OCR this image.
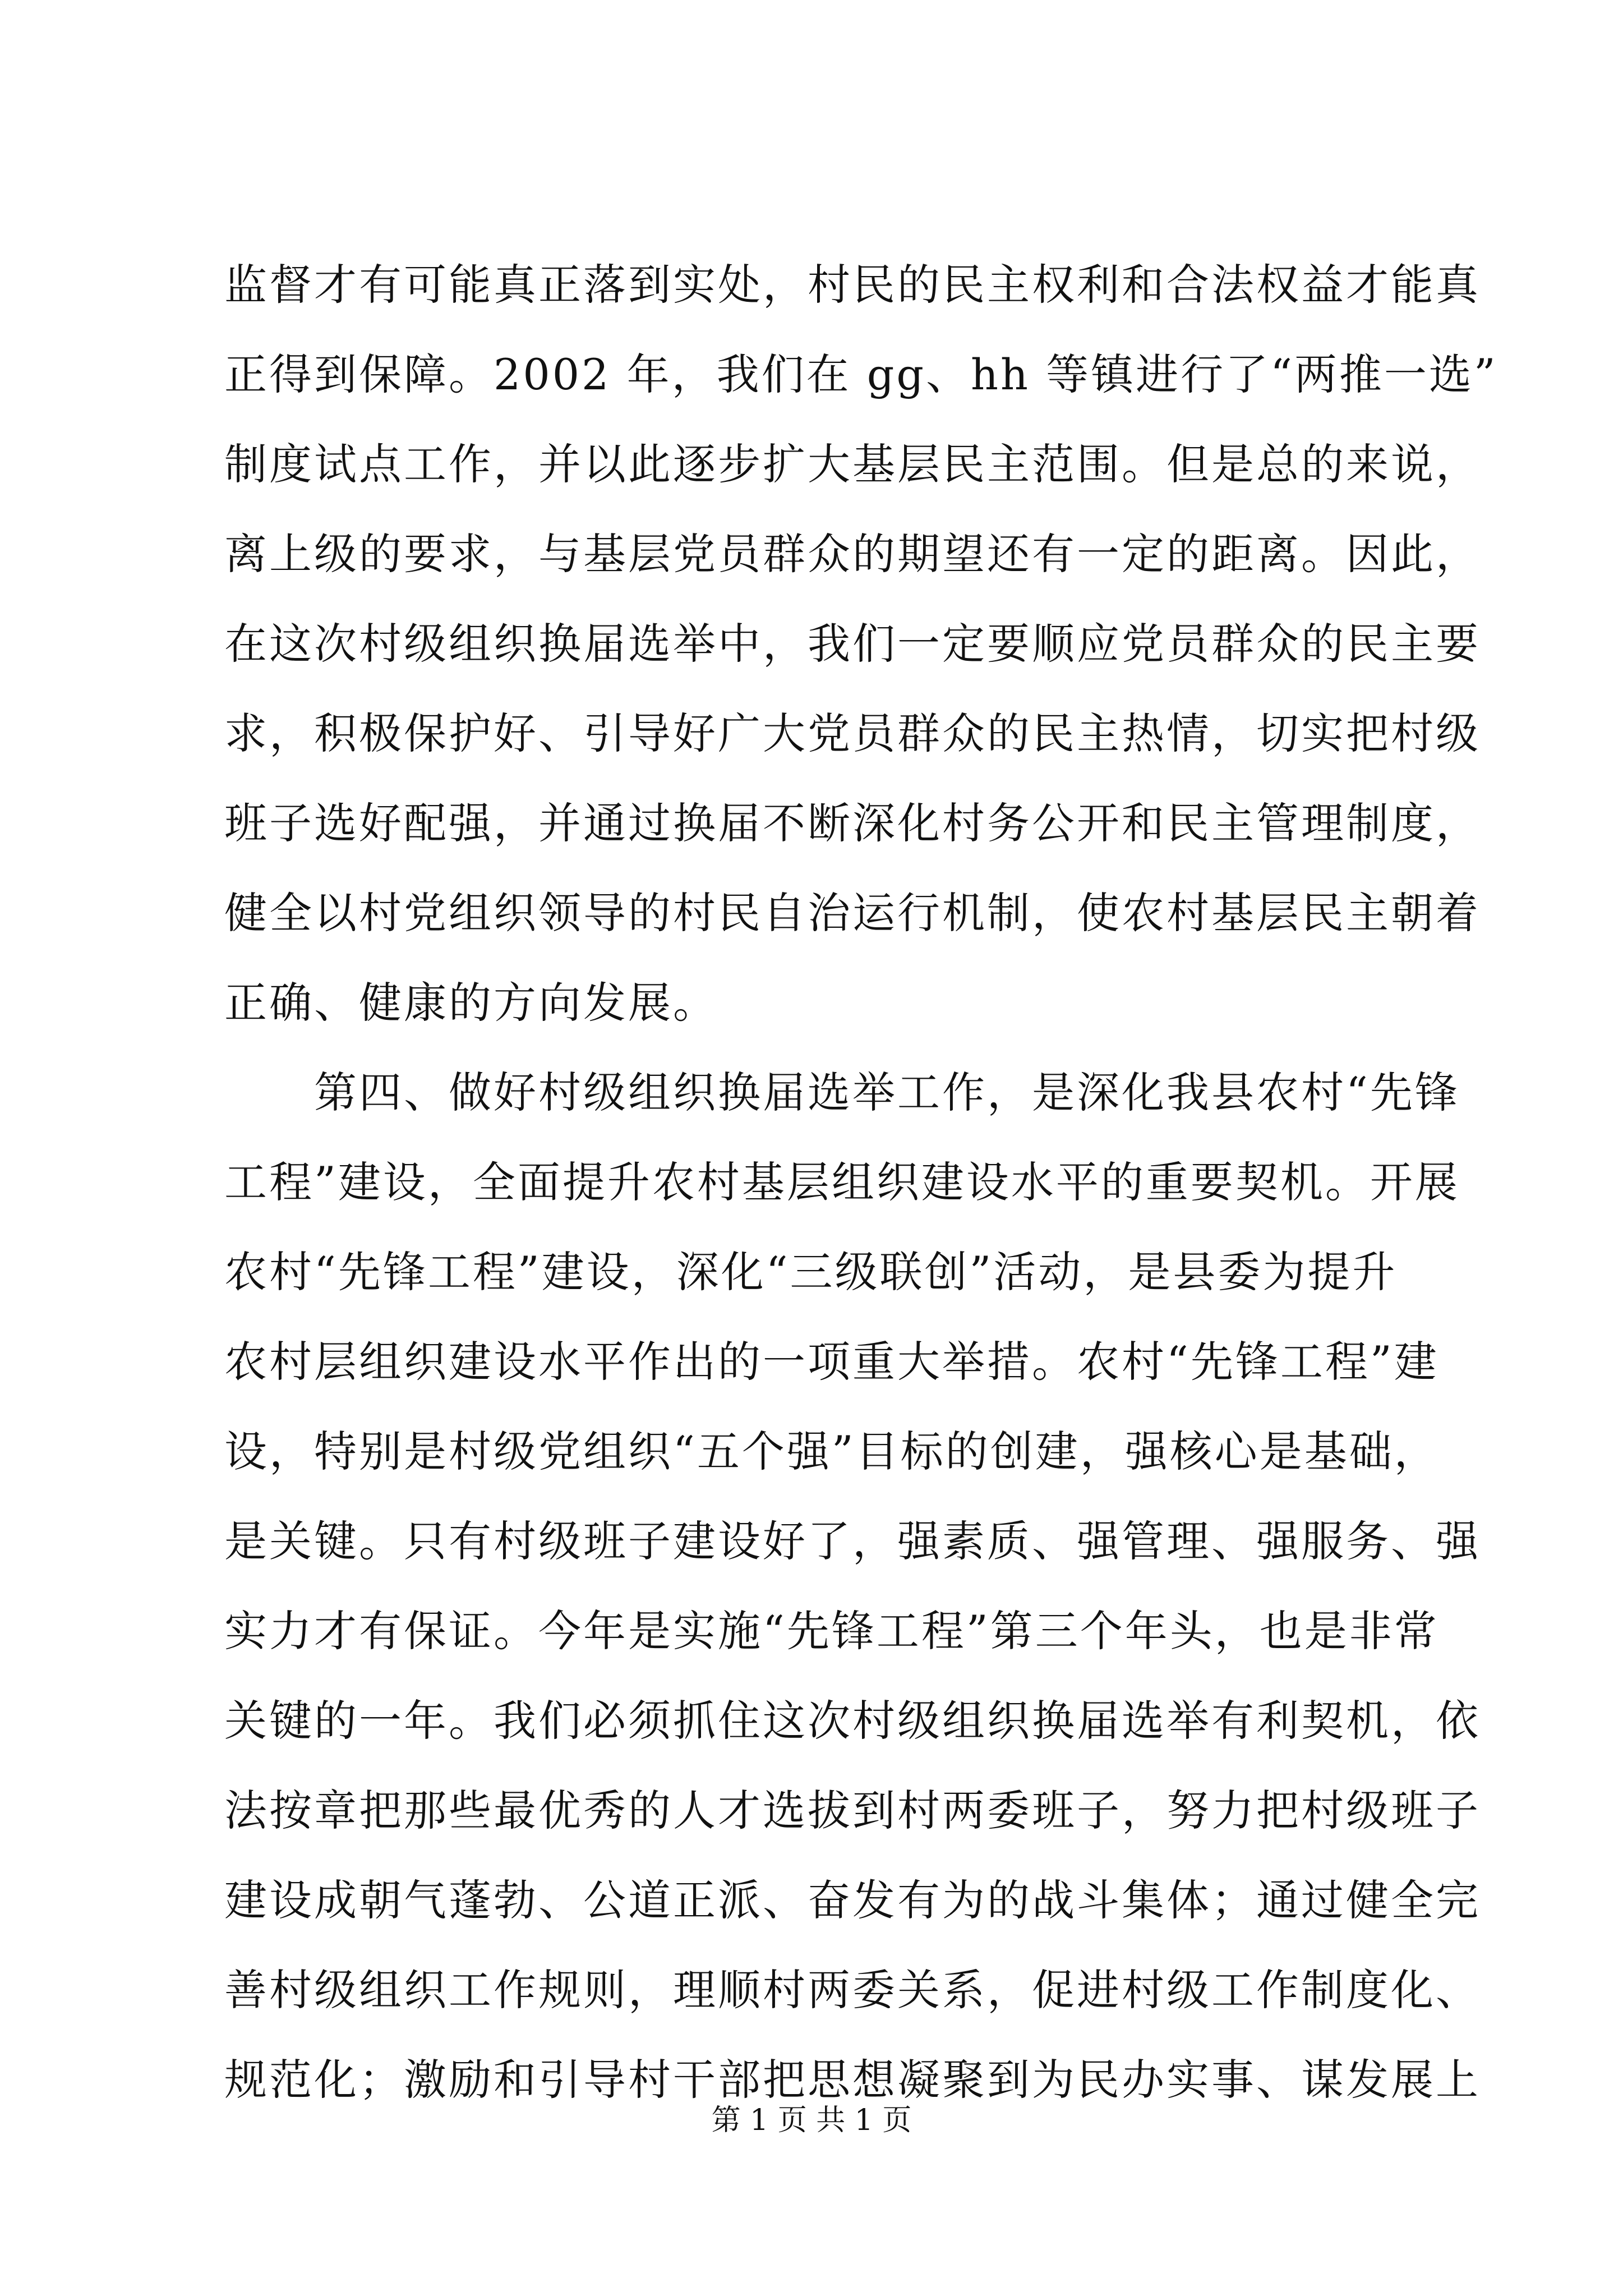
监督才有可能真正落到实处，村民的民主权利和合法权益才能真
正得到保障。2002 年，我们在 gg、hh 等镇进行了“两推一选”
制度试点工作，并以此逐步扩大基层民主范围。但是总的来说，
离上级的要求，与基层党员群众的期望还有一定的距离。因此，
在这次村级组织换届选举中，我们一定要顺应党员群众的民主要
求，积极保护好、引导好广大党员群众的民主热情，切实把村级
班子选好配强，并通过换届不断深化村务公开和民主管理制度，
健全以村党组织领导的村民自治运行机制，使农村基层民主朝着
正确、健康的方向发展。
第四、做好村级组织换届选举工作，是深化我县农村“先锋
工程”建设，全面提升农村基层组织建设水平的重要契机。开展
农村“先锋工程”建设，深化“三级联创”活动，是县委为提升
农村层组织建设水平作出的一项重大举措。农村“先锋工程”建
设，特别是村级党组织“五个强”目标的创建，强核心是基础，
是关键。只有村级班子建设好了，强素质、强管理、强服务、强
实力才有保证。今年是实施“先锋工程”第三个年头，也是非常
关键的一年。我们必须抓住这次村级组织换届选举有利契机，依
法按章把那些最优秀的人才选拔到村两委班子，努力把村级班子
建设成朝气蓬勃、公道正派、奋发有为的战斗集体；通过健全完
善村级组织工作规则，理顺村两委关系，促进村级工作制度化、
规范化；激励和引导村干部把思想凝聚到为民办实事、谋发展上
第 1 页 共 1 页
